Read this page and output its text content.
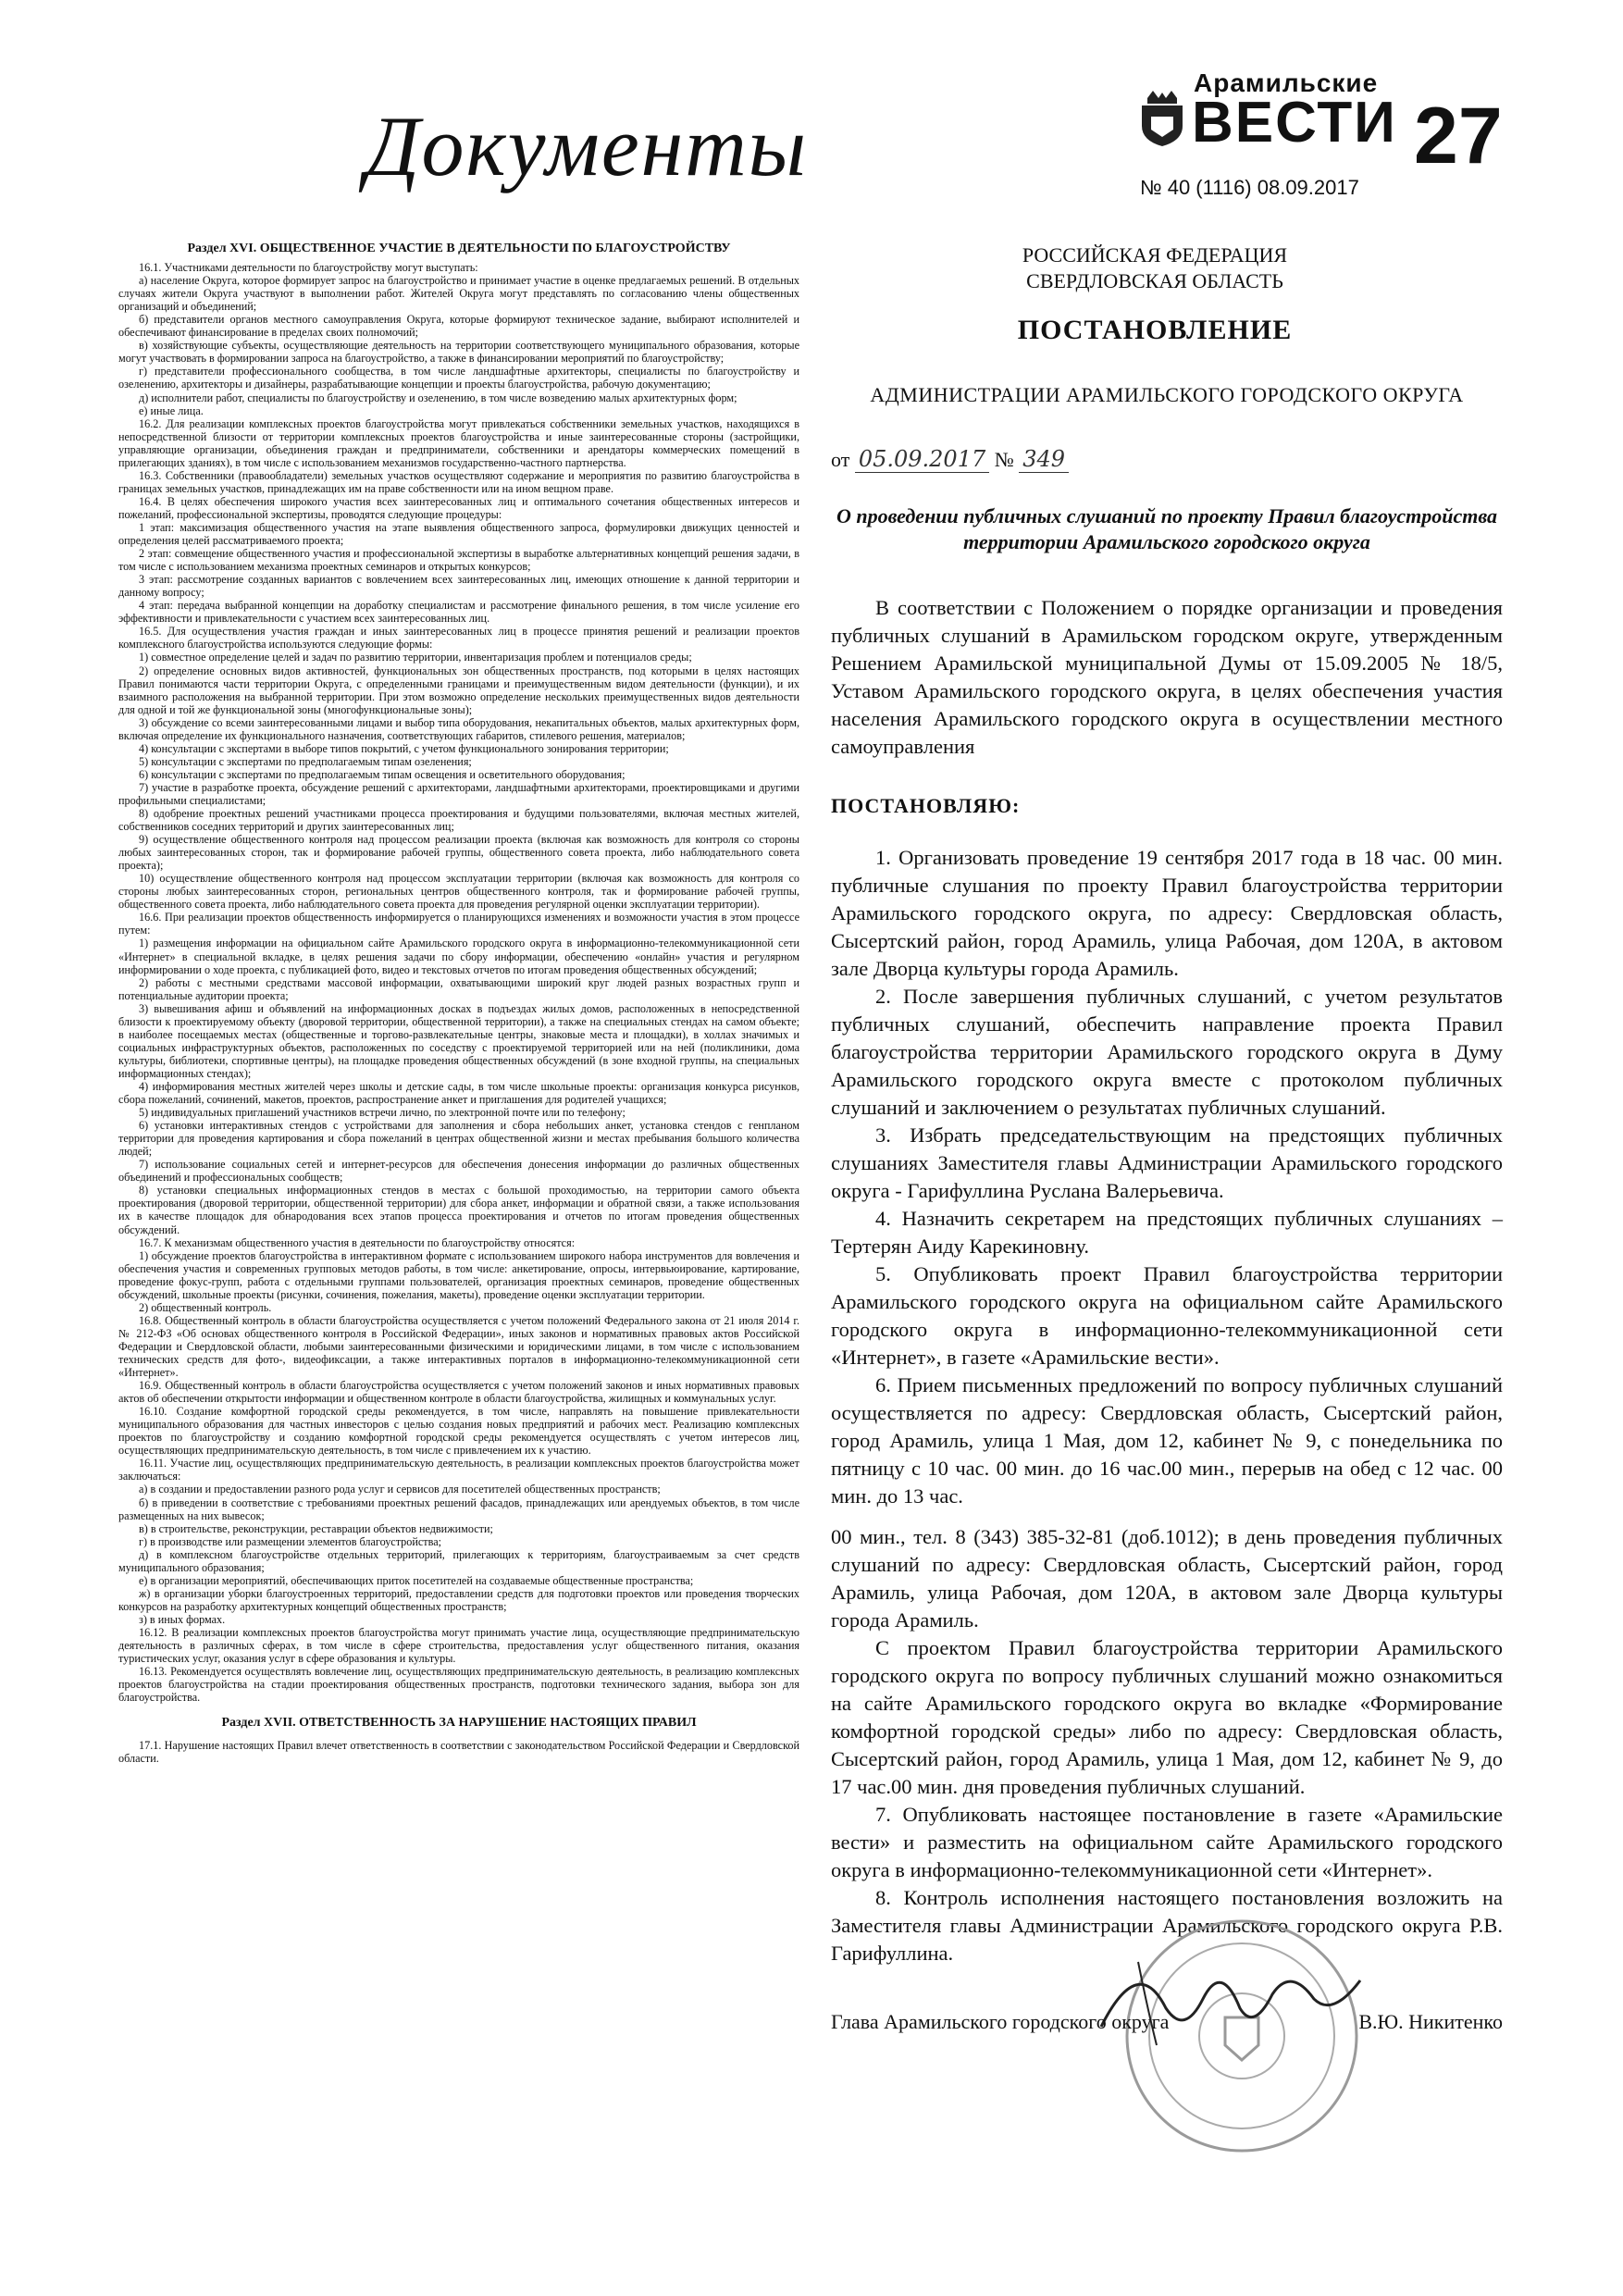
Документы
Арамильские
ВЕСТИ
№ 40 (1116) 08.09.2017
27
Раздел XVI. ОБЩЕСТВЕННОЕ УЧАСТИЕ В ДЕЯТЕЛЬНОСТИ ПО БЛАГОУСТРОЙСТВУ

16.1. Участниками деятельности по благоустройству могут выступать:

а) население Округа, которое формирует запрос на благоустройство и принимает участие в оценке предлагаемых решений. В отдельных случаях жители Округа участвуют в выполнении работ. Жителей Округа могут представлять по согласованию члены общественных организаций и объединений;

б) представители органов местного самоуправления Округа, которые формируют техническое задание, выбирают исполнителей и обеспечивают финансирование в пределах своих полномочий;

в) хозяйствующие субъекты, осуществляющие деятельность на территории соответствующего муниципального образования, которые могут участвовать в формировании запроса на благоустройство, а также в финансировании мероприятий по благоустройству;

г) представители профессионального сообщества, в том числе ландшафтные архитекторы, специалисты по благоустройству и озеленению, архитекторы и дизайнеры, разрабатывающие концепции и проекты благоустройства, рабочую документацию;

д) исполнители работ, специалисты по благоустройству и озеленению, в том числе возведению малых архитектурных форм;

е) иные лица.

16.2. Для реализации комплексных проектов благоустройства могут привлекаться собственники земельных участков, находящихся в непосредственной близости от территории комплексных проектов благоустройства и иные заинтересованные стороны (застройщики, управляющие организации, объединения граждан и предприниматели, собственники и арендаторы коммерческих помещений в прилегающих зданиях), в том числе с использованием механизмов государственно-частного партнерства.

16.3. Собственники (правообладатели) земельных участков осуществляют содержание и мероприятия по развитию благоустройства в границах земельных участков, принадлежащих им на праве собственности или на ином вещном праве.

16.4. В целях обеспечения широкого участия всех заинтересованных лиц и оптимального сочетания общественных интересов и пожеланий, профессиональной экспертизы, проводятся следующие процедуры:

1 этап: максимизация общественного участия на этапе выявления общественного запроса, формулировки движущих ценностей и определения целей рассматриваемого проекта;

2 этап: совмещение общественного участия и профессиональной экспертизы в выработке альтернативных концепций решения задачи, в том числе с использованием механизма проектных семинаров и открытых конкурсов;

3 этап: рассмотрение созданных вариантов с вовлечением всех заинтересованных лиц, имеющих отношение к данной территории и данному вопросу;

4 этап: передача выбранной концепции на доработку специалистам и рассмотрение финального решения, в том числе усиление его эффективности и привлекательности с участием всех заинтересованных лиц.

16.5. Для осуществления участия граждан и иных заинтересованных лиц в процессе принятия решений и реализации проектов комплексного благоустройства используются следующие формы:

1) совместное определение целей и задач по развитию территории, инвентаризация проблем и потенциалов среды;

2) определение основных видов активностей, функциональных зон общественных пространств, под которыми в целях настоящих Правил понимаются части территории Округа, с определенными границами и преимущественным видом деятельности (функции), и их взаимного расположения на выбранной территории. При этом возможно определение нескольких преимущественных видов деятельности для одной и той же функциональной зоны (многофункциональные зоны);

3) обсуждение со всеми заинтересованными лицами и выбор типа оборудования, некапитальных объектов, малых архитектурных форм, включая определение их функционального назначения, соответствующих габаритов, стилевого решения, материалов;

4) консультации с экспертами в выборе типов покрытий, с учетом функционального зонирования территории;

5) консультации с экспертами по предполагаемым типам озеленения;

6) консультации с экспертами по предполагаемым типам освещения и осветительного оборудования;

7) участие в разработке проекта, обсуждение решений с архитекторами, ландшафтными архитекторами, проектировщиками и другими профильными специалистами;

8) одобрение проектных решений участниками процесса проектирования и будущими пользователями, включая местных жителей, собственников соседних территорий и других заинтересованных лиц;

9) осуществление общественного контроля над процессом реализации проекта (включая как возможность для контроля со стороны любых заинтересованных сторон, так и формирование рабочей группы, общественного совета проекта, либо наблюдательного совета проекта);

10) осуществление общественного контроля над процессом эксплуатации территории (включая как возможность для контроля со стороны любых заинтересованных сторон, региональных центров общественного контроля, так и формирование рабочей группы, общественного совета проекта, либо наблюдательного совета проекта для проведения регулярной оценки эксплуатации территории).

16.6. При реализации проектов общественность информируется о планирующихся изменениях и возможности участия в этом процессе путем:

1) размещения информации на официальном сайте Арамильского городского округа в информационно-телекоммуникационной сети «Интернет» в специальной вкладке, в целях решения задачи по сбору информации, обеспечению «онлайн» участия и регулярном информировании о ходе проекта, с публикацией фото, видео и текстовых отчетов по итогам проведения общественных обсуждений;

2) работы с местными средствами массовой информации, охватывающими широкий круг людей разных возрастных групп и потенциальные аудитории проекта;

3) вывешивания афиш и объявлений на информационных досках в подъездах жилых домов, расположенных в непосредственной близости к проектируемому объекту (дворовой территории, общественной территории), а также на специальных стендах на самом объекте; в наиболее посещаемых местах (общественные и торгово-развлекательные центры, знаковые места и площадки), в холлах значимых и социальных инфраструктурных объектов, расположенных по соседству с проектируемой территорией или на ней (поликлиники, дома культуры, библиотеки, спортивные центры), на площадке проведения общественных обсуждений (в зоне входной группы, на специальных информационных стендах);

4) информирования местных жителей через школы и детские сады, в том числе школьные проекты: организация конкурса рисунков, сбора пожеланий, сочинений, макетов, проектов, распространение анкет и приглашения для родителей учащихся;

5) индивидуальных приглашений участников встречи лично, по электронной почте или по телефону;

6) установки интерактивных стендов с устройствами для заполнения и сбора небольших анкет, установка стендов с генпланом территории для проведения картирования и сбора пожеланий в центрах общественной жизни и местах пребывания большого количества людей;

7) использование социальных сетей и интернет-ресурсов для обеспечения донесения информации до различных общественных объединений и профессиональных сообществ;

8) установки специальных информационных стендов в местах с большой проходимостью, на территории самого объекта проектирования (дворовой территории, общественной территории) для сбора анкет, информации и обратной связи, а также использования их в качестве площадок для обнародования всех этапов процесса проектирования и отчетов по итогам проведения общественных обсуждений.

16.7. К механизмам общественного участия в деятельности по благоустройству относятся:

1) обсуждение проектов благоустройства в интерактивном формате с использованием широкого набора инструментов для вовлечения и обеспечения участия и современных групповых методов работы, в том числе: анкетирование, опросы, интервьюирование, картирование, проведение фокус-групп, работа с отдельными группами пользователей, организация проектных семинаров, проведение общественных обсуждений, школьные проекты (рисунки, сочинения, пожелания, макеты), проведение оценки эксплуатации территории.

2) общественный контроль.

16.8. Общественный контроль в области благоустройства осуществляется с учетом положений Федерального закона от 21 июля 2014 г. № 212-ФЗ «Об основах общественного контроля в Российской Федерации», иных законов и нормативных правовых актов Российской Федерации и Свердловской области, любыми заинтересованными физическими и юридическими лицами, в том числе с использованием технических средств для фото-, видеофиксации, а также интерактивных порталов в информационно-телекоммуникационной сети «Интернет».

16.9. Общественный контроль в области благоустройства осуществляется с учетом положений законов и иных нормативных правовых актов об обеспечении открытости информации и общественном контроле в области благоустройства, жилищных и коммунальных услуг.

16.10. Создание комфортной городской среды рекомендуется, в том числе, направлять на повышение привлекательности муниципального образования для частных инвесторов с целью создания новых предприятий и рабочих мест. Реализацию комплексных проектов по благоустройству и созданию комфортной городской среды рекомендуется осуществлять с учетом интересов лиц, осуществляющих предпринимательскую деятельность, в том числе с привлечением их к участию.

16.11. Участие лиц, осуществляющих предпринимательскую деятельность, в реализации комплексных проектов благоустройства может заключаться:

а) в создании и предоставлении разного рода услуг и сервисов для посетителей общественных пространств;

б) в приведении в соответствие с требованиями проектных решений фасадов, принадлежащих или арендуемых объектов, в том числе размещенных на них вывесок;

в) в строительстве, реконструкции, реставрации объектов недвижимости;

г) в производстве или размещении элементов благоустройства;

д) в комплексном благоустройстве отдельных территорий, прилегающих к территориям, благоустраиваемым за счет средств муниципального образования;

е) в организации мероприятий, обеспечивающих приток посетителей на создаваемые общественные пространства;

ж) в организации уборки благоустроенных территорий, предоставлении средств для подготовки проектов или проведения творческих конкурсов на разработку архитектурных концепций общественных пространств;

з) в иных формах.

16.12. В реализации комплексных проектов благоустройства могут принимать участие лица, осуществляющие предпринимательскую деятельность в различных сферах, в том числе в сфере строительства, предоставления услуг общественного питания, оказания туристических услуг, оказания услуг в сфере образования и культуры.

16.13. Рекомендуется осуществлять вовлечение лиц, осуществляющих предпринимательскую деятельность, в реализацию комплексных проектов благоустройства на стадии проектирования общественных пространств, подготовки технического задания, выбора зон для благоустройства.

Раздел XVII. ОТВЕТСТВЕННОСТЬ ЗА НАРУШЕНИЕ НАСТОЯЩИХ ПРАВИЛ

17.1. Нарушение настоящих Правил влечет ответственность в соответствии с законодательством Российской Федерации и Свердловской области.

РОССИЙСКАЯ ФЕДЕРАЦИЯ
СВЕРДЛОВСКАЯ ОБЛАСТЬ
ПОСТАНОВЛЕНИЕ
АДМИНИСТРАЦИИ АРАМИЛЬСКОГО ГОРОДСКОГО ОКРУГА
от 05.09.2017 № 349
О проведении публичных слушаний по проекту Правил благоустройства территории Арамильского городского округа

В соответствии с Положением о порядке организации и проведения публичных слушаний в Арамильском городском округе, утвержденным Решением Арамильской муниципальной Думы от 15.09.2005 № 18/5, Уставом Арамильского городского округа, в целях обеспечения участия населения Арамильского городского округа в осуществлении местного самоуправления

ПОСТАНОВЛЯЮ:

1. Организовать проведение 19 сентября 2017 года в 18 час. 00 мин. публичные слушания по проекту Правил благоустройства территории Арамильского городского округа, по адресу: Свердловская область, Сысертский район, город Арамиль, улица Рабочая, дом 120А, в актовом зале Дворца культуры города Арамиль.

2. После завершения публичных слушаний, с учетом результатов публичных слушаний, обеспечить направление проекта Правил благоустройства территории Арамильского городского округа в Думу Арамильского городского округа вместе с протоколом публичных слушаний и заключением о результатах публичных слушаний.

3. Избрать председательствующим на предстоящих публичных слушаниях Заместителя главы Администрации Арамильского городского округа - Гарифуллина Руслана Валерьевича.

4. Назначить секретарем на предстоящих публичных слушаниях – Тертерян Аиду Карекиновну.

5. Опубликовать проект Правил благоустройства территории Арамильского городского округа на официальном сайте Арамильского городского округа в информационно-телекоммуникационной сети «Интернет», в газете «Арамильские вести».

6. Прием письменных предложений по вопросу публичных слушаний осуществляется по адресу: Свердловская область, Сысертский район, город Арамиль, улица 1 Мая, дом 12, кабинет № 9, с понедельника по пятницу с 10 час. 00 мин. до 16 час.00 мин., перерыв на обед с 12 час. 00 мин. до 13 час.

00 мин., тел. 8 (343) 385-32-81 (доб.1012); в день проведения публичных слушаний по адресу: Свердловская область, Сысертский район, город Арамиль, улица Рабочая, дом 120А, в актовом зале Дворца культуры города Арамиль.

С проектом Правил благоустройства территории Арамильского городского округа по вопросу публичных слушаний можно ознакомиться на сайте Арамильского городского округа во вкладке «Формирование комфортной городской среды» либо по адресу: Свердловская область, Сысертский район, город Арамиль, улица 1 Мая, дом 12, кабинет № 9, до 17 час.00 мин. дня проведения публичных слушаний.

7. Опубликовать настоящее постановление в газете «Арамильские вести» и разместить на официальном сайте Арамильского городского округа в информационно-телекоммуникационной сети «Интернет».

8. Контроль исполнения настоящего постановления возложить на Заместителя главы Администрации Арамильского городского округа Р.В. Гарифуллина.

Глава Арамильского городского округа	В.Ю. Никитенко
